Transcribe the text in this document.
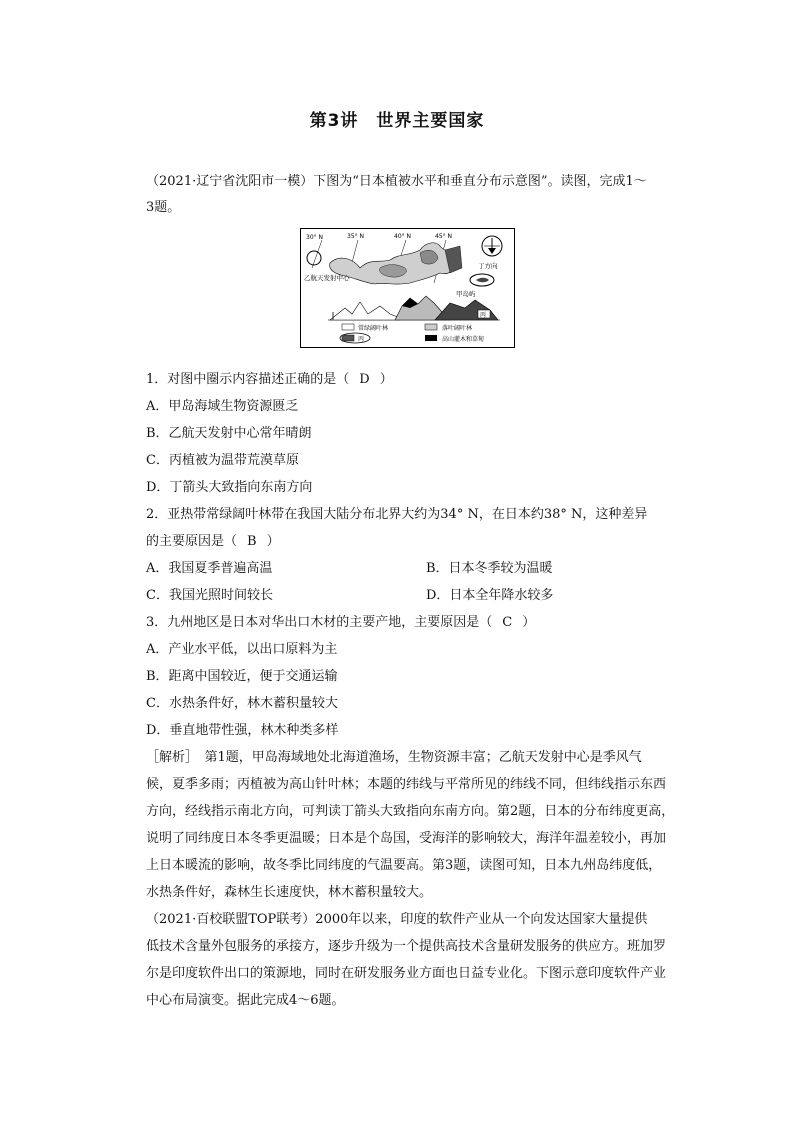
第3讲 世界主要国家
（2021·辽宁省沈阳市一模）下图为“日本植被水平和垂直分布示意图”。读图，完成1～
3题。
30° N	35° N	40° N	45° N
乙航天发射中心
丁方向
甲岛屿
丙
常绿阔叶林	落叶阔叶林
丙	高山灌木和草甸
1．对图中圈示内容描述正确的是（ D ）
A．甲岛海域生物资源匮乏
B．乙航天发射中心常年晴朗
C．丙植被为温带荒漠草原
D．丁箭头大致指向东南方向
2．亚热带常绿阔叶林带在我国大陆分布北界大约为34° N，在日本约38° N，这种差异
的主要原因是（ B ）
A．我国夏季普遍高温	B．日本冬季较为温暖
C．我国光照时间较长	D．日本全年降水较多
3．九州地区是日本对华出口木材的主要产地，主要原因是（ C ）
A．产业水平低，以出口原料为主
B．距离中国较近，便于交通运输
C．水热条件好，林木蓄积量较大
D．垂直地带性强，林木种类多样
［解析］　第1题，甲岛海域地处北海道渔场，生物资源丰富；乙航天发射中心是季风气
候，夏季多雨；丙植被为高山针叶林；本题的纬线与平常所见的纬线不同，但纬线指示东西
方向，经线指示南北方向，可判读丁箭头大致指向东南方向。第2题，日本的分布纬度更高，
说明了同纬度日本冬季更温暖；日本是个岛国，受海洋的影响较大，海洋年温差较小，再加
上日本暖流的影响，故冬季比同纬度的气温要高。第3题，读图可知，日本九州岛纬度低，
水热条件好，森林生长速度快，林木蓄积量较大。
（2021·百校联盟TOP联考）2000年以来，印度的软件产业从一个向发达国家大量提供
低技术含量外包服务的承接方，逐步升级为一个提供高技术含量研发服务的供应方。班加罗
尔是印度软件出口的策源地，同时在研发服务业方面也日益专业化。下图示意印度软件产业
中心布局演变。据此完成4～6题。
